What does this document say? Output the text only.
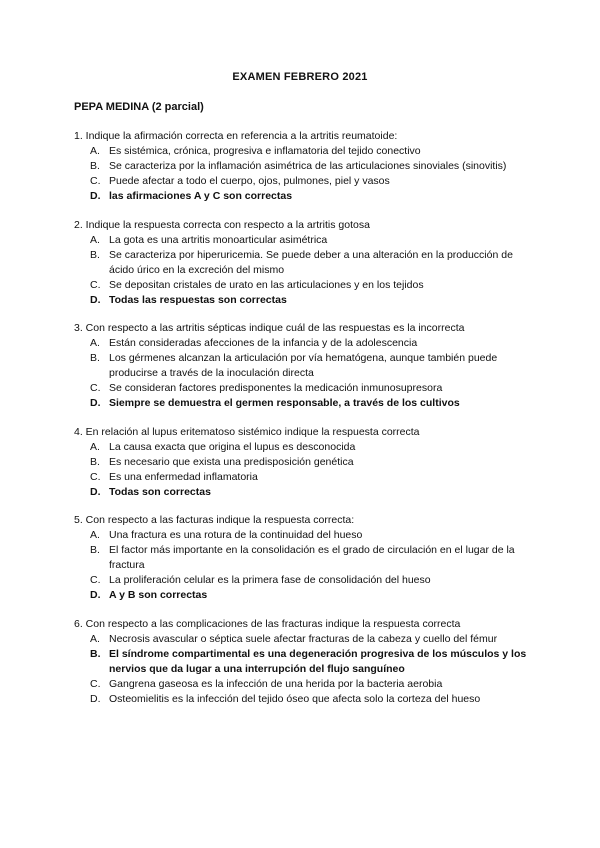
EXAMEN FEBRERO 2021
PEPA MEDINA (2 parcial)
1. Indique la afirmación correcta en referencia a la artritis reumatoide:
A. Es sistémica, crónica, progresiva e inflamatoria del tejido conectivo
B. Se caracteriza por la inflamación asimétrica de las articulaciones sinoviales (sinovitis)
C. Puede afectar a todo el cuerpo, ojos, pulmones, piel y vasos
D. las afirmaciones A y C son correctas
2. Indique la respuesta correcta con respecto a la artritis gotosa
A. La gota es una artritis monoarticular asimétrica
B. Se caracteriza por hiperuricemia. Se puede deber a una alteración en la producción de ácido úrico en la excreción del mismo
C. Se depositan cristales de urato en las articulaciones y en los tejidos
D. Todas las respuestas son correctas
3. Con respecto a las artritis sépticas indique cuál de las respuestas es la incorrecta
A. Están consideradas afecciones de la infancia y de la adolescencia
B. Los gérmenes alcanzan la articulación por vía hematógena, aunque también puede producirse a través de la inoculación directa
C. Se consideran factores predisponentes la medicación inmunosupresora
D. Siempre se demuestra el germen responsable, a través de los cultivos
4. En relación al lupus eritematoso sistémico indique la respuesta correcta
A. La causa exacta que origina el lupus es desconocida
B. Es necesario que exista una predisposición genética
C. Es una enfermedad inflamatoria
D. Todas son correctas
5. Con respecto a las facturas indique la respuesta correcta:
A. Una fractura es una rotura de la continuidad del hueso
B. El factor más importante en la consolidación es el grado de circulación en el lugar de la fractura
C. La proliferación celular es la primera fase de consolidación del hueso
D. A y B son correctas
6. Con respecto a las complicaciones de las fracturas indique la respuesta correcta
A. Necrosis avascular o séptica suele afectar fracturas de la cabeza y cuello del fémur
B. El síndrome compartimental es una degeneración progresiva de los músculos y los nervios que da lugar a una interrupción del flujo sanguíneo
C. Gangrena gaseosa es la infección de una herida por la bacteria aerobia
D. Osteomielitis es la infección del tejido óseo que afecta solo la corteza del hueso
